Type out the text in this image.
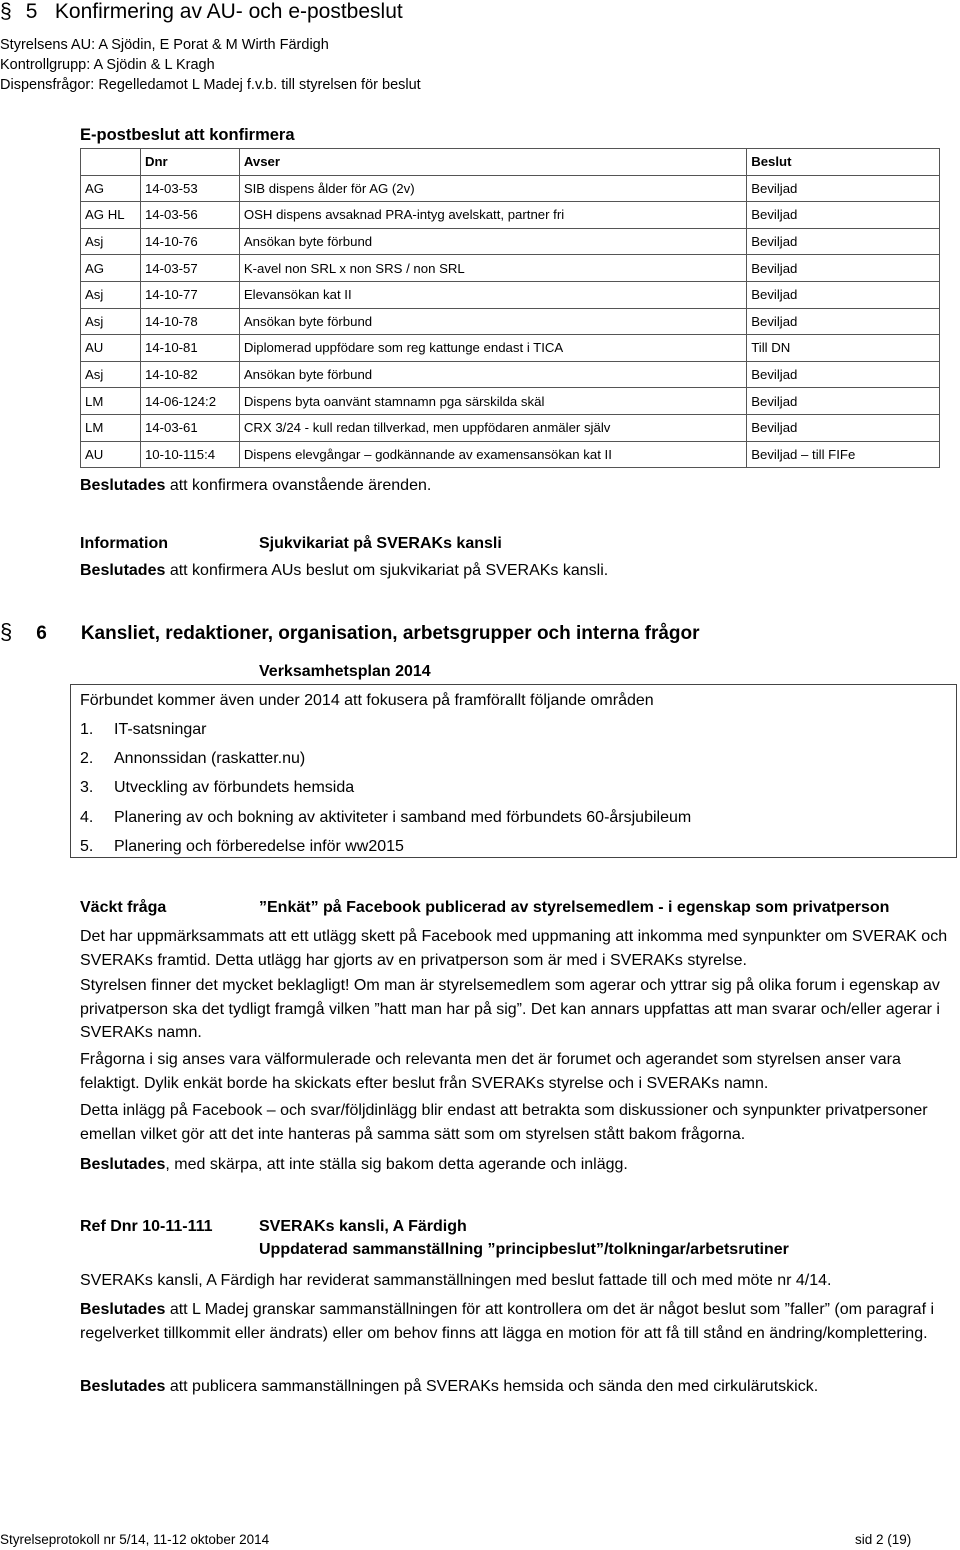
§ 5 Konfirmering av AU- och e-postbeslut
Styrelsens AU: A Sjödin, E Porat & M Wirth Färdigh
Kontrollgrupp: A Sjödin & L Kragh
Dispensfrågor: Regelledamot L Madej f.v.b. till styrelsen för beslut
E-postbeslut att konfirmera
	Dnr	Avser	Beslut
AG	14-03-53	SIB dispens ålder för AG (2v)	Beviljad
AG HL	14-03-56	OSH dispens avsaknad PRA-intyg avelskatt, partner fri	Beviljad
Asj	14-10-76	Ansökan byte förbund	Beviljad
AG	14-03-57	K-avel non SRL x non SRS / non SRL	Beviljad
Asj	14-10-77	Elevansökan kat II	Beviljad
Asj	14-10-78	Ansökan byte förbund	Beviljad
AU	14-10-81	Diplomerad uppfödare som reg kattunge endast i TICA	Till DN
Asj	14-10-82	Ansökan byte förbund	Beviljad
LM	14-06-124:2	Dispens byta oanvänt stamnamn pga särskilda skäl	Beviljad
LM	14-03-61	CRX 3/24 - kull redan tillverkad, men uppfödaren anmäler själv	Beviljad
AU	10-10-115:4	Dispens elevgångar – godkännande av examensansökan kat II	Beviljad – till FIFe
Beslutades att konfirmera ovanstående ärenden.
Information	Sjukvikariat på SVERAKs kansli
Beslutades att konfirmera AUs beslut om sjukvikariat på SVERAKs kansli.
§ 6 Kansliet, redaktioner, organisation, arbetsgrupper och interna frågor
Verksamhetsplan 2014
Förbundet kommer även under 2014 att fokusera på framförallt följande områden
1. IT-satsningar
2. Annonssidan (raskatter.nu)
3. Utveckling av förbundets hemsida
4. Planering av och bokning av aktiviteter i samband med förbundets 60-årsjubileum
5. Planering och förberedelse inför ww2015
Väckt fråga	”Enkät” på Facebook publicerad av styrelsemedlem - i egenskap som privatperson
Det har uppmärksammats att ett utlägg skett på Facebook med uppmaning att inkomma med synpunkter om SVERAK och SVERAKs framtid. Detta utlägg har gjorts av en privatperson som är med i SVERAKs styrelse.
Styrelsen finner det mycket beklagligt! Om man är styrelsemedlem som agerar och yttrar sig på olika forum i egenskap av privatperson ska det tydligt framgå vilken ”hatt man har på sig”. Det kan annars uppfattas att man svarar och/eller agerar i SVERAKs namn.
Frågorna i sig anses vara välformulerade och relevanta men det är forumet och agerandet som styrelsen anser vara felaktigt. Dylik enkät borde ha skickats efter beslut från SVERAKs styrelse och i SVERAKs namn.
Detta inlägg på Facebook – och svar/följdinlägg blir endast att betrakta som diskussioner och synpunkter privatpersoner emellan vilket gör att det inte hanteras på samma sätt som om styrelsen stått bakom frågorna.
Beslutades, med skärpa, att inte ställa sig bakom detta agerande och inlägg.
Ref Dnr 10-11-111	SVERAKs kansli, A Färdigh
Uppdaterad sammanställning ”principbeslut”/tolkningar/arbetsrutiner
SVERAKs kansli, A Färdigh har reviderat sammanställningen med beslut fattade till och med möte nr 4/14.
Beslutades att L Madej granskar sammanställningen för att kontrollera om det är något beslut som ”faller” (om paragraf i regelverket tillkommit eller ändrats) eller om behov finns att lägga en motion för att få till stånd en ändring/komplettering.
Beslutades att publicera sammanställningen på SVERAKs hemsida och sända den med cirkulärutskick.
Styrelseprotokoll nr 5/14, 11-12 oktober 2014	sid 2 (19)
